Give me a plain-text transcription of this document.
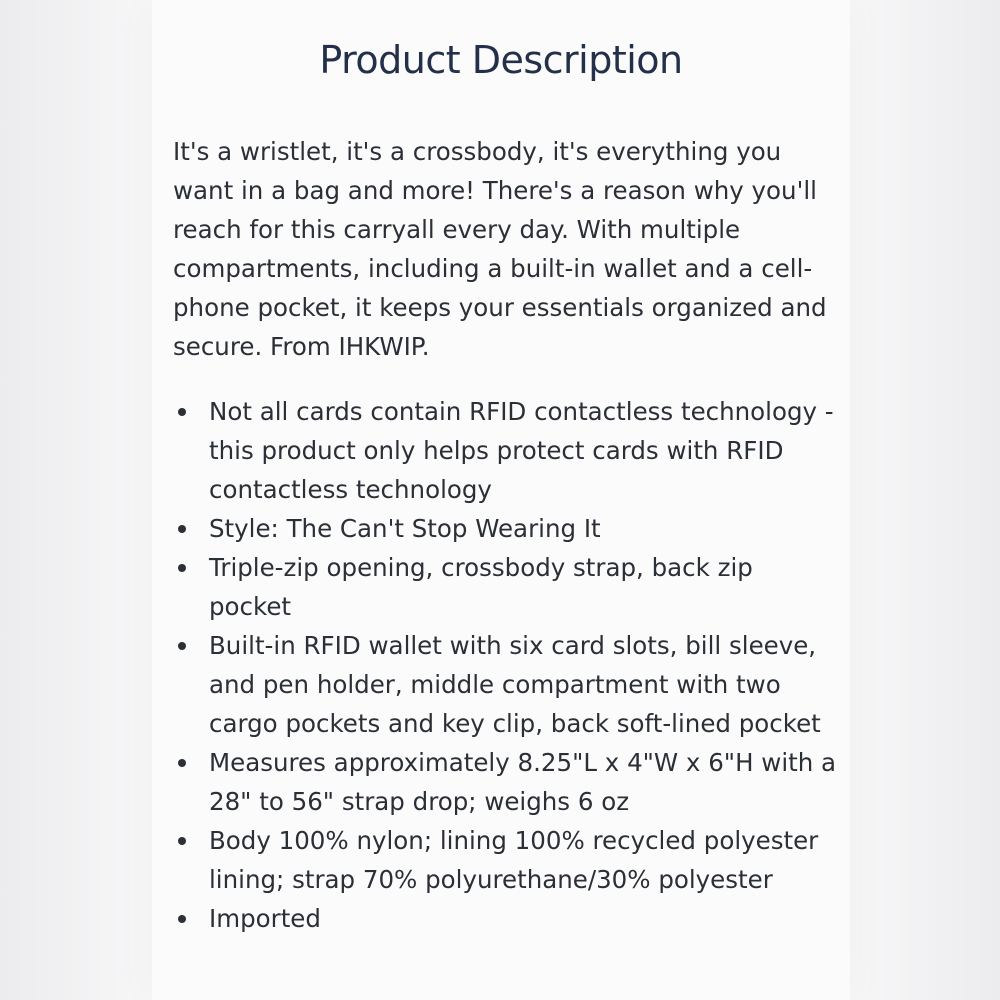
Product Description

It's a wristlet, it's a crossbody, it's everything you want in a bag and more! There's a reason why you'll reach for this carryall every day. With multiple compartments, including a built-in wallet and a cell-phone pocket, it keeps your essentials organized and secure. From IHKWIP.

Not all cards contain RFID contactless technology - this product only helps protect cards with RFID contactless technology
Style: The Can't Stop Wearing It
Triple-zip opening, crossbody strap, back zip pocket
Built-in RFID wallet with six card slots, bill sleeve, and pen holder, middle compartment with two cargo pockets and key clip, back soft-lined pocket
Measures approximately 8.25"L x 4"W x 6"H with a 28" to 56" strap drop; weighs 6 oz
Body 100% nylon; lining 100% recycled polyester lining; strap 70% polyurethane/30% polyester
Imported
